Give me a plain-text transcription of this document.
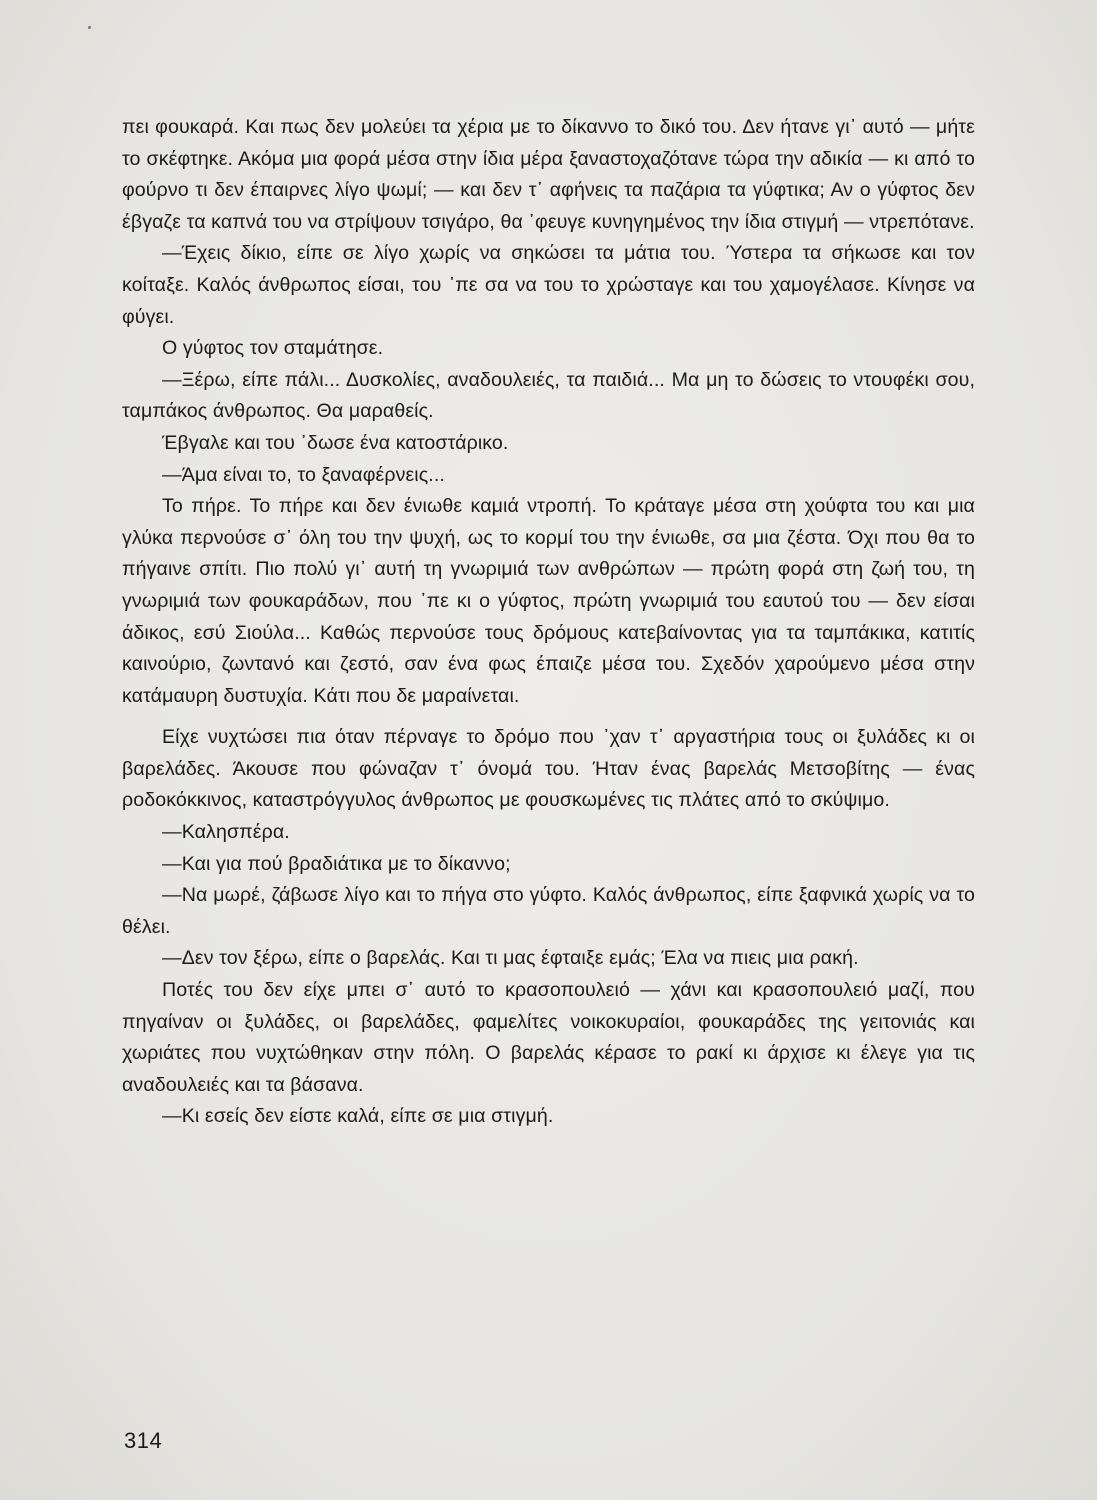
πει φουκαρά. Και πως δεν μολεύει τα χέρια με το δίκαννο το δικό του. Δεν ήτανε γι᾿ αυτό — μήτε το σκέφτηκε. Ακόμα μια φορά μέσα στην ίδια μέρα ξαναστοχαζότανε τώρα την αδικία — κι από το φούρνο τι δεν έπαιρνες λίγο ψωμί; — και δεν τ᾿ αφήνεις τα παζάρια τα γύφτικα; Αν ο γύφτος δεν έβγαζε τα καπνά του να στρίψουν τσιγάρο, θα ᾿φευγε κυνηγημένος την ίδια στιγμή — ντρεπότανε.

—Έχεις δίκιο, είπε σε λίγο χωρίς να σηκώσει τα μάτια του. Ύστερα τα σήκωσε και τον κοίταξε. Καλός άνθρωπος είσαι, του ᾿πε σα να του το χρώσταγε και του χαμογέλασε. Κίνησε να φύγει.

Ο γύφτος τον σταμάτησε.

—Ξέρω, είπε πάλι... Δυσκολίες, αναδουλειές, τα παιδιά... Μα μη το δώσεις το ντουφέκι σου, ταμπάκος άνθρωπος. Θα μαραθείς.

Έβγαλε και του ᾿δωσε ένα κατοστάρικο.

—Άμα είναι το, το ξαναφέρνεις...

Το πήρε. Το πήρε και δεν ένιωθε καμιά ντροπή. Το κράταγε μέσα στη χούφτα του και μια γλύκα περνούσε σ᾿ όλη του την ψυχή, ως το κορμί του την ένιωθε, σα μια ζέστα. Όχι που θα το πήγαινε σπίτι. Πιο πολύ γι᾿ αυτή τη γνωριμιά των ανθρώπων — πρώτη φορά στη ζωή του, τη γνωριμιά των φουκαράδων, που ᾿πε κι ο γύφτος, πρώτη γνωριμιά του εαυτού του — δεν είσαι άδικος, εσύ Σιούλα... Καθώς περνούσε τους δρόμους κατεβαίνοντας για τα ταμπάκικα, κατιτίς καινούριο, ζωντανό και ζεστό, σαν ένα φως έπαιζε μέσα του. Σχεδόν χαρούμενο μέσα στην κατάμαυρη δυστυχία. Κάτι που δε μαραίνεται.

Είχε νυχτώσει πια όταν πέρναγε το δρόμο που ᾿χαν τ᾿ αργαστήρια τους οι ξυλάδες κι οι βαρελάδες. Άκουσε που φώναζαν τ᾿ όνομά του. Ήταν ένας βαρελάς Μετσοβίτης — ένας ροδοκόκκινος, καταστρόγγυλος άνθρωπος με φουσκωμένες τις πλάτες από το σκύψιμο.

—Καλησπέρα.

—Και για πού βραδιάτικα με το δίκαννο;

—Να μωρέ, ζάβωσε λίγο και το πήγα στο γύφτο. Καλός άνθρωπος, είπε ξαφνικά χωρίς να το θέλει.

—Δεν τον ξέρω, είπε ο βαρελάς. Και τι μας έφταιξε εμάς; Έλα να πιεις μια ρακή.

Ποτές του δεν είχε μπει σ᾿ αυτό το κρασοπουλειό — χάνι και κρασοπουλειό μαζί, που πηγαίναν οι ξυλάδες, οι βαρελάδες, φαμελίτες νοικοκυραίοι, φουκαράδες της γειτονιάς και χωριάτες που νυχτώθηκαν στην πόλη. Ο βαρελάς κέρασε το ρακί κι άρχισε κι έλεγε για τις αναδουλειές και τα βάσανα.

—Κι εσείς δεν είστε καλά, είπε σε μια στιγμή.

314
